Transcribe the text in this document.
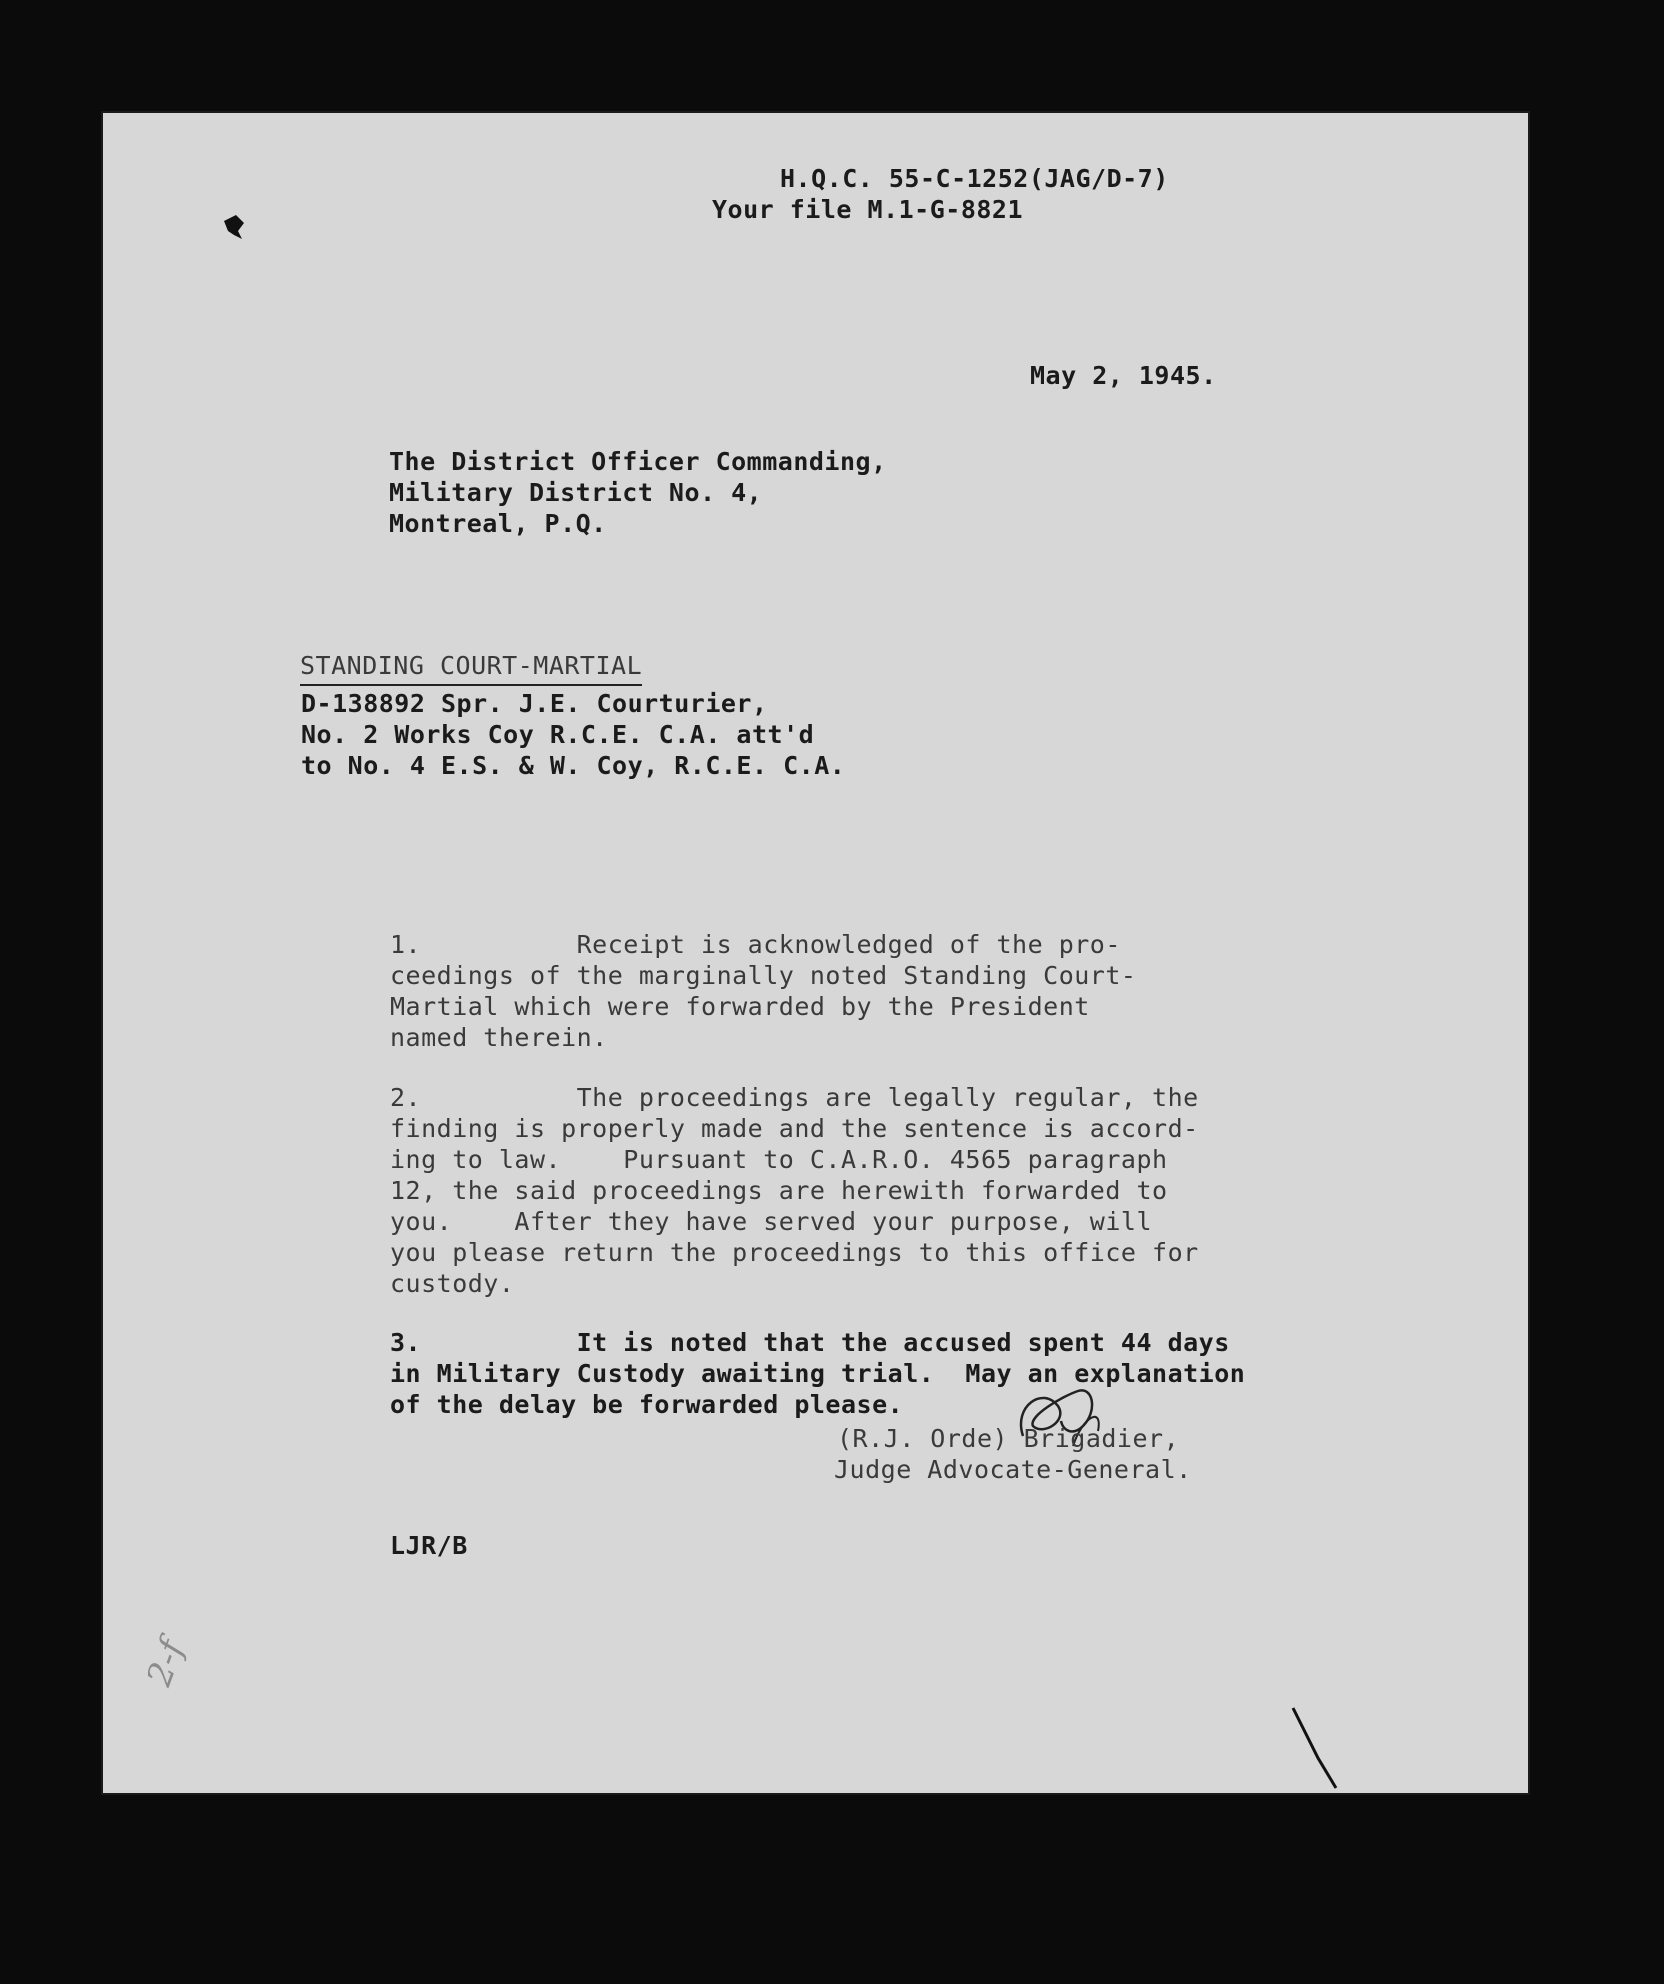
H.Q.C. 55-C-1252(JAG/D-7)
Your file M.1-G-8821
May 2, 1945.
The District Officer Commanding,
Military District No. 4,
Montreal, P.Q.
STANDING COURT-MARTIAL
D-138892 Spr. J.E. Courturier,
No. 2 Works Coy R.C.E. C.A. att'd
to No. 4 E.S. & W. Coy, R.C.E. C.A.
1.          Receipt is acknowledged of the pro-
ceedings of the marginally noted Standing Court-
Martial which were forwarded by the President
named therein.
2.          The proceedings are legally regular, the
finding is properly made and the sentence is accord-
ing to law.    Pursuant to C.A.R.O. 4565 paragraph
12, the said proceedings are herewith forwarded to
you.    After they have served your purpose, will
you please return the proceedings to this office for
custody.
3.          It is noted that the accused spent 44 days
in Military Custody awaiting trial.  May an explanation
of the delay be forwarded please.
(R.J. Orde) Brigadier,
Judge Advocate-General.
LJR/B
2-f
